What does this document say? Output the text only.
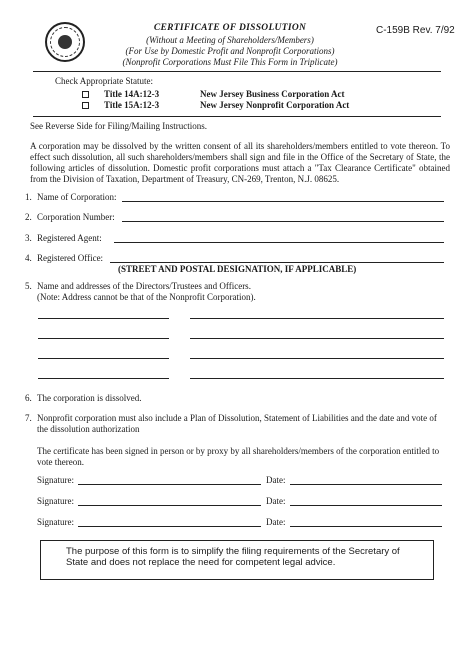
CERTIFICATE OF DISSOLUTION
(Without a Meeting of Shareholders/Members)
(For Use by Domestic Profit and Nonprofit Corporations)
(Nonprofit Corporations Must File This Form in Triplicate)
C-159B Rev. 7/92
Check Appropriate Statute:
Title 14A:12-3	New Jersey Business Corporation Act
Title 15A:12-3	New Jersey Nonprofit Corporation Act
See Reverse Side for Filing/Mailing Instructions.
A corporation may be dissolved by the written consent of all its shareholders/members entitled to vote thereon. To effect such dissolution, all such shareholders/members shall sign and file in the Office of the Secretary of State, the following articles of dissolution. Domestic profit corporations must attach a "Tax Clearance Certificate" obtained from the Division of Taxation, Department of Treasury, CN-269, Trenton, N.J. 08625.
1. Name of Corporation:
2. Corporation Number:
3. Registered Agent:
4. Registered Office:
(STREET AND POSTAL DESIGNATION, IF APPLICABLE)
5. Name and addresses of the Directors/Trustees and Officers.
(Note: Address cannot be that of the Nonprofit Corporation).
6. The corporation is dissolved.
7. Nonprofit corporation must also include a Plan of Dissolution, Statement of Liabilities and the date and vote of the dissolution authorization
The certificate has been signed in person or by proxy by all shareholders/members of the corporation entitled to vote thereon.
Signature:	Date:
Signature:	Date:
Signature:	Date:
The purpose of this form is to simplify the filing requirements of the Secretary of State and does not replace the need for competent legal advice.
